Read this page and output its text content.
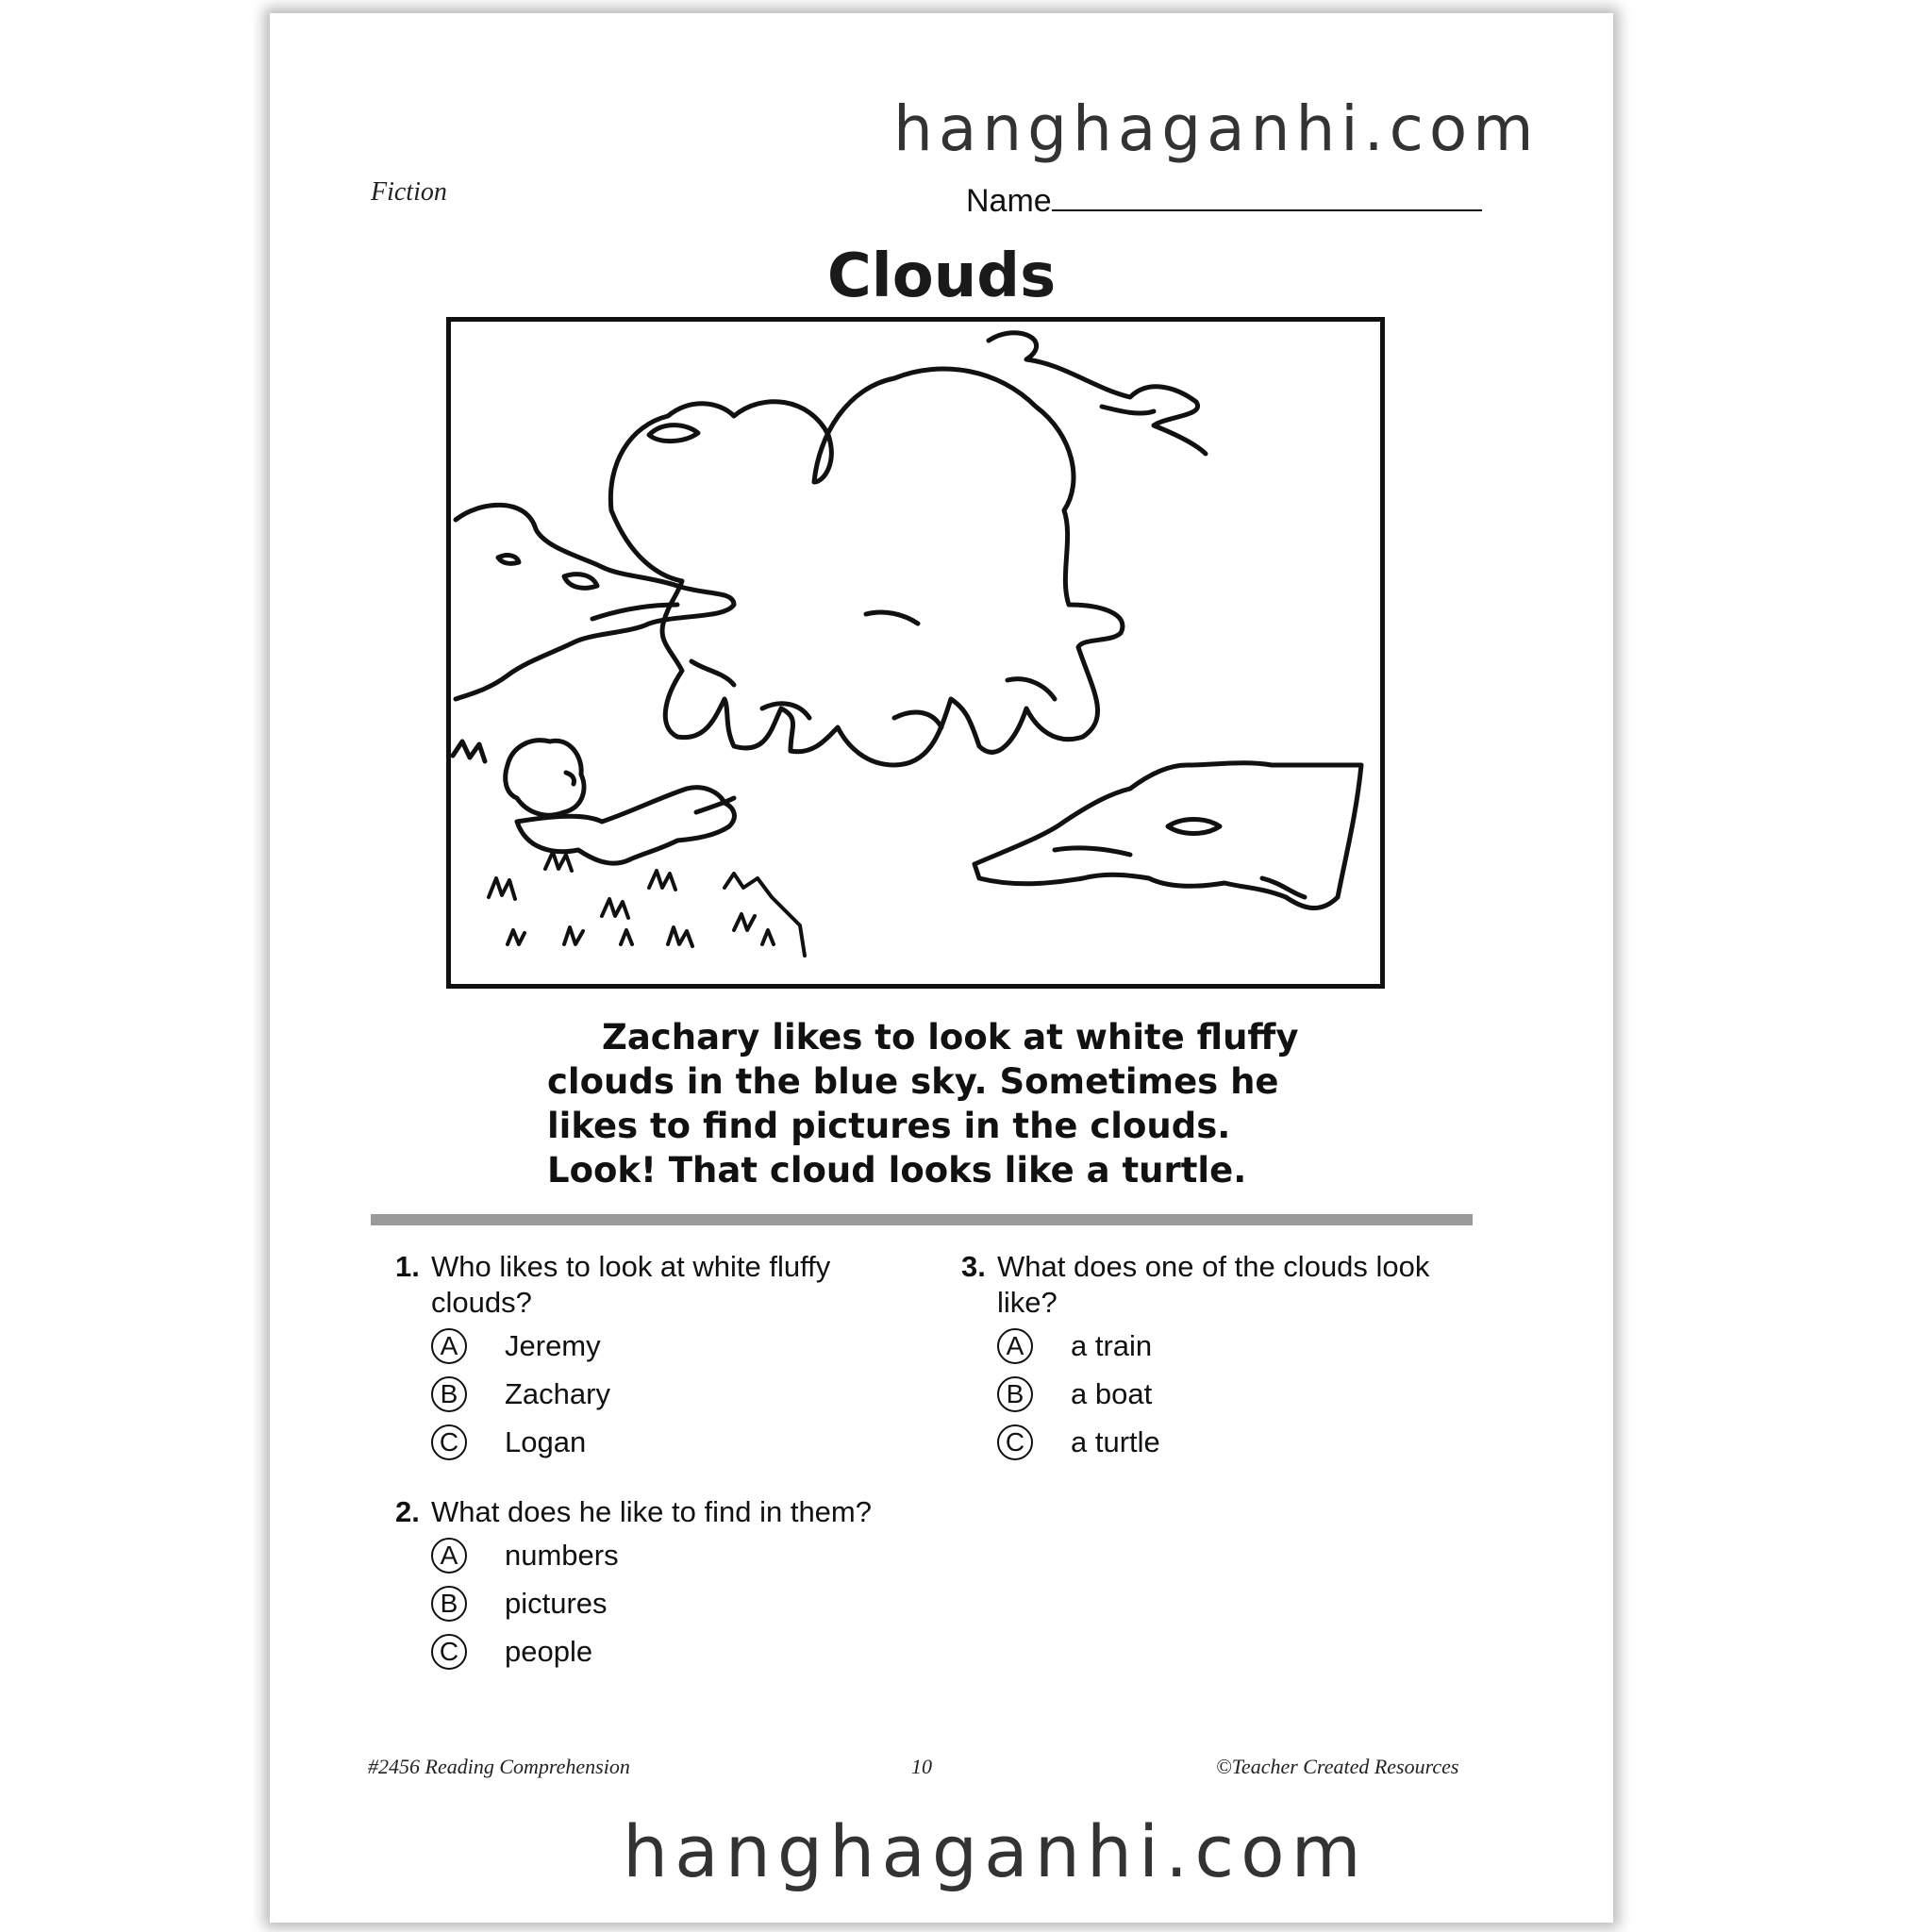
hanghaganhi.com
Fiction	Name
Clouds
Zachary likes to look at white fluffy clouds in the blue sky. Sometimes he likes to find pictures in the clouds. Look! That cloud looks like a turtle.
1. Who likes to look at white fluffy clouds?
A	Jeremy
B	Zachary
C Logan
2. What does he like to find in them?
A	numbers
B	pictures
C people
3. What does one of the clouds look like?
A	a train
B	a boat
C a turtle
#2456 Reading Comprehension	10	©Teacher Created Resources
hanghaganhi.com
